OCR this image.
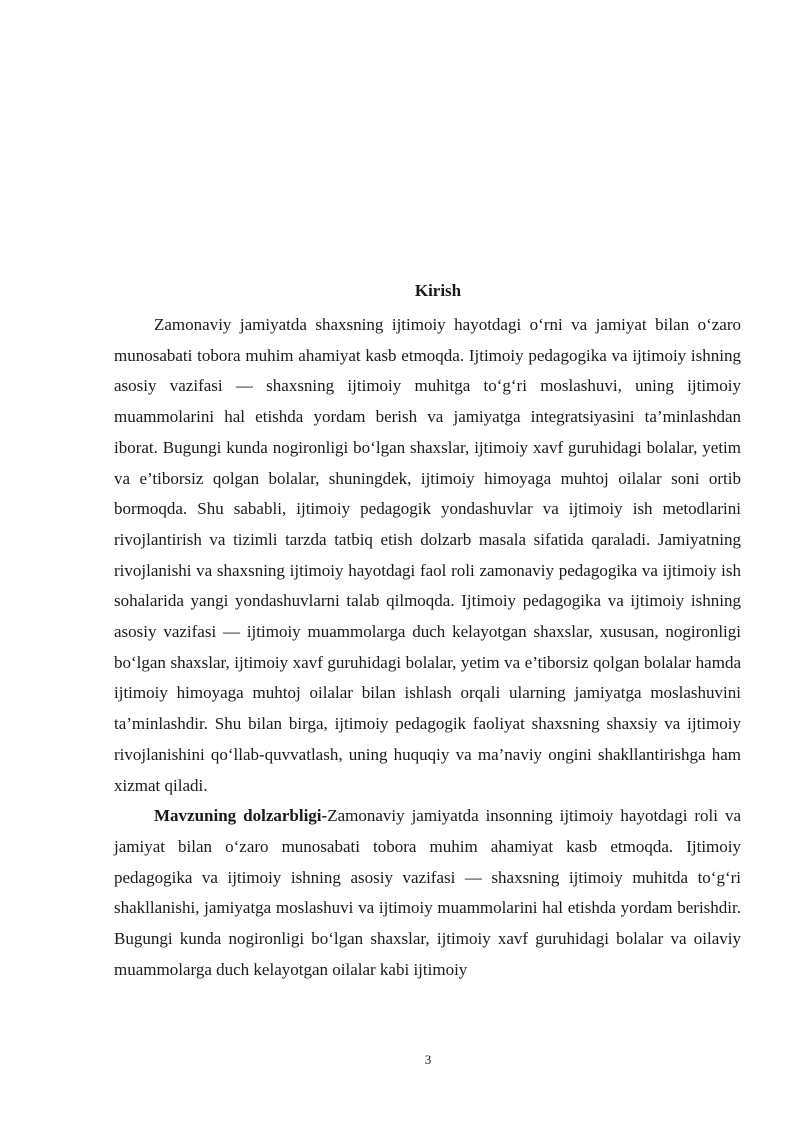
Kirish

Zamonaviy jamiyatda shaxsning ijtimoiy hayotdagi o‘rni va jamiyat bilan o‘zaro munosabati tobora muhim ahamiyat kasb etmoqda. Ijtimoiy pedagogika va ijtimoiy ishning asosiy vazifasi — shaxsning ijtimoiy muhitga to‘g‘ri moslashuvi, uning ijtimoiy muammolarini hal etishda yordam berish va jamiyatga integratsiyasini ta’minlashdan iborat. Bugungi kunda nogironligi bo‘lgan shaxslar, ijtimoiy xavf guruhidagi bolalar, yetim va e’tiborsiz qolgan bolalar, shuningdek, ijtimoiy himoyaga muhtoj oilalar soni ortib bormoqda. Shu sababli, ijtimoiy pedagogik yondashuvlar va ijtimoiy ish metodlarini rivojlantirish va tizimli tarzda tatbiq etish dolzarb masala sifatida qaraladi. Jamiyatning rivojlanishi va shaxsning ijtimoiy hayotdagi faol roli zamonaviy pedagogika va ijtimoiy ish sohalarida yangi yondashuvlarni talab qilmoqda. Ijtimoiy pedagogika va ijtimoiy ishning asosiy vazifasi — ijtimoiy muammolarga duch kelayotgan shaxslar, xususan, nogironligi bo‘lgan shaxslar, ijtimoiy xavf guruhidagi bolalar, yetim va e’tiborsiz qolgan bolalar hamda ijtimoiy himoyaga muhtoj oilalar bilan ishlash orqali ularning jamiyatga moslashuvini ta’minlashdir. Shu bilan birga, ijtimoiy pedagogik faoliyat shaxsning shaxsiy va ijtimoiy rivojlanishini qo‘llab-quvvatlash, uning huquqiy va ma’naviy ongini shakllantirishga ham xizmat qiladi.

Mavzuning dolzarbligi-Zamonaviy jamiyatda insonning ijtimoiy hayotdagi roli va jamiyat bilan o‘zaro munosabati tobora muhim ahamiyat kasb etmoqda. Ijtimoiy pedagogika va ijtimoiy ishning asosiy vazifasi — shaxsning ijtimoiy muhitda to‘g‘ri shakllanishi, jamiyatga moslashuvi va ijtimoiy muammolarini hal etishda yordam berishdir. Bugungi kunda nogironligi bo‘lgan shaxslar, ijtimoiy xavf guruhidagi bolalar va oilaviy muammolarga duch kelayotgan oilalar kabi ijtimoiy

3
